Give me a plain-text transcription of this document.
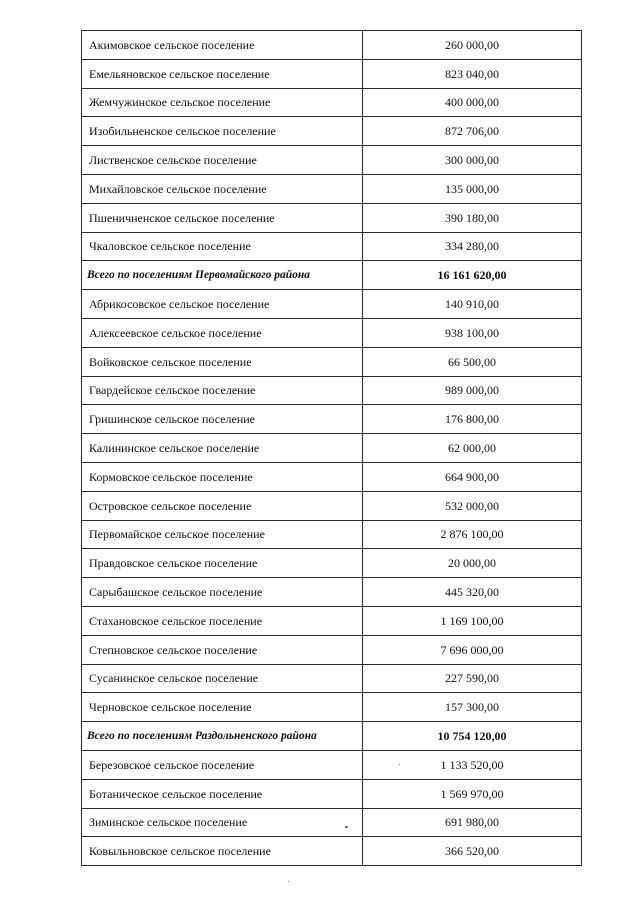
Акимовское сельское поселение	260 000,00
Емельяновское сельское поселение	823 040,00
Жемчужинское сельское поселение	400 000,00
Изобильненское сельское поселение	872 706,00
Лиственское сельское поселение	300 000,00
Михайловское сельское поселение	135 000,00
Пшеничненское сельское поселение	390 180,00
Чкаловское сельское поселение	334 280,00
Всего по поселениям Первомайского района	16 161 620,00
Абрикосовское сельское поселение	140 910,00
Алексеевское сельское поселение	938 100,00
Войковское сельское поселение	66 500,00
Гвардейское сельское поселение	989 000,00
Гришинское сельское поселение	176 800,00
Калининское сельское поселение	62 000,00
Кормовское сельское поселение	664 900,00
Островское сельское поселение	532 000,00
Первомайское сельское поселение	2 876 100,00
Правдовское сельское поселение	20 000,00
Сарыбашское сельское поселение	445 320,00
Стахановское сельское поселение	1 169 100,00
Степновское сельское поселение	7 696 000,00
Сусанинское сельское поселение	227 590,00
Черновское сельское поселение	157 300,00
Всего по поселениям Раздольненского района	10 754 120,00
Березовское сельское поселение	1 133 520,00
Ботаническое сельское поселение	1 569 970,00
Зиминское сельское поселение	691 980,00
Ковыльновское сельское поселение	366 520,00
